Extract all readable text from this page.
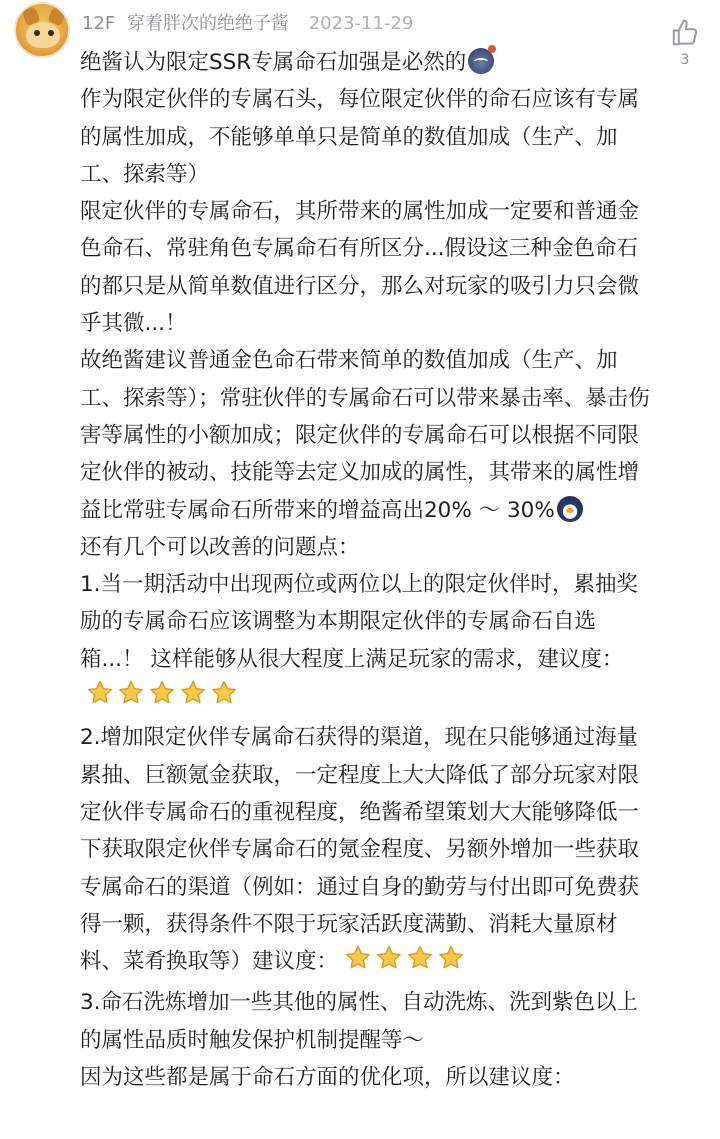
12F 穿着胖次的绝绝子酱 2023-11-29
3

绝酱认为限定SSR专属命石加强是必然的

作为限定伙伴的专属石头，每位限定伙伴的命石应该有专属的属性加成，不能够单单只是简单的数值加成（生产、加工、探索等）

限定伙伴的专属命石，其所带来的属性加成一定要和普通金色命石、常驻角色专属命石有所区分...假设这三种金色命石的都只是从简单数值进行区分，那么对玩家的吸引力只会微乎其微...！

故绝酱建议普通金色命石带来简单的数值加成（生产、加工、探索等）；常驻伙伴的专属命石可以带来暴击率、暴击伤害等属性的小额加成；限定伙伴的专属命石可以根据不同限定伙伴的被动、技能等去定义加成的属性，其带来的属性增益比常驻专属命石所带来的增益高出20% ～ 30%

还有几个可以改善的问题点：

1.当一期活动中出现两位或两位以上的限定伙伴时，累抽奖励的专属命石应该调整为本期限定伙伴的专属命石自选箱...！ 这样能够从很大程度上满足玩家的需求，建议度：

2.增加限定伙伴专属命石获得的渠道，现在只能够通过海量累抽、巨额氪金获取，一定程度上大大降低了部分玩家对限定伙伴专属命石的重视程度，绝酱希望策划大大能够降低一下获取限定伙伴专属命石的氪金程度、另额外增加一些获取专属命石的渠道（例如：通过自身的勤劳与付出即可免费获得一颗，获得条件不限于玩家活跃度满勤、消耗大量原材料、菜肴换取等）建议度：

3.命石洗炼增加一些其他的属性、自动洗炼、洗到紫色以上的属性品质时触发保护机制提醒等～

因为这些都是属于命石方面的优化项，所以建议度：
